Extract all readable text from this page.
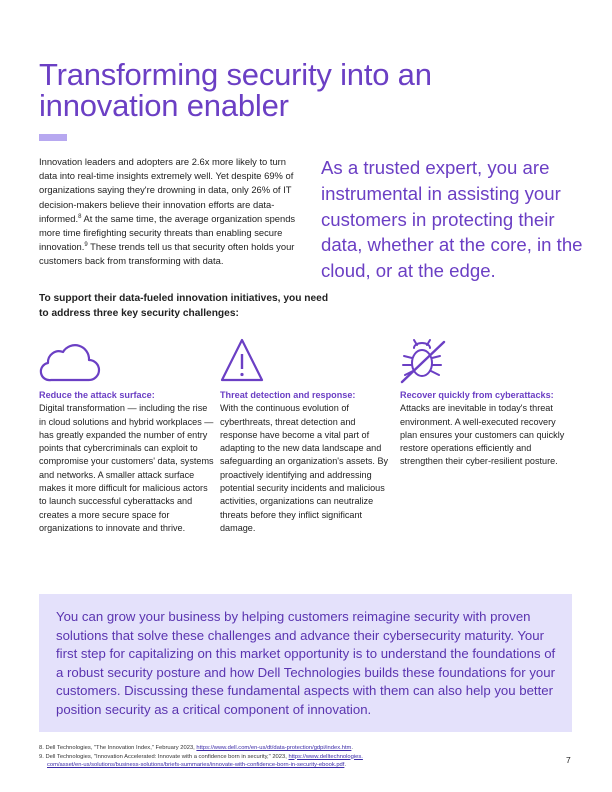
Transforming security into an innovation enabler

Innovation leaders and adopters are 2.6x more likely to turn data into real-time insights extremely well. Yet despite 69% of organizations saying they're drowning in data, only 26% of IT decision-makers believe their innovation efforts are data-informed.$^8$ At the same time, the average organization spends more time firefighting security threats than enabling secure innovation.$^9$ These trends tell us that security often holds your customers back from transforming with data.

As a trusted expert, you are instrumental in assisting your customers in protecting their data, whether at the core, in the cloud, or at the edge.

To support their data-fueled innovation initiatives, you need to address three key security challenges:

Reduce the attack surface:

Digital transformation — including the rise in cloud solutions and hybrid workplaces — has greatly expanded the number of entry points that cybercriminals can exploit to compromise your customers' data, systems and networks. A smaller attack surface makes it more difficult for malicious actors to launch successful cyberattacks and creates a more secure space for organizations to innovate and thrive.

Threat detection and response:

With the continuous evolution of cyberthreats, threat detection and response have become a vital part of adapting to the new data landscape and safeguarding an organization's assets. By proactively identifying and addressing potential security incidents and malicious activities, organizations can neutralize threats before they inflict significant damage.

Recover quickly from cyberattacks:

Attacks are inevitable in today's threat environment. A well-executed recovery plan ensures your customers can quickly restore operations efficiently and strengthen their cyber-resilient posture.

You can grow your business by helping customers reimagine security with proven solutions that solve these challenges and advance their cybersecurity maturity. Your first step for capitalizing on this market opportunity is to understand the foundations of a robust security posture and how Dell Technologies builds these foundations for your customers. Discussing these fundamental aspects with them can also help you better position security as a critical component of innovation.

8. Dell Technologies, "The Innovation Index," February 2023, https://www.dell.com/en-us/dt/data-protection/gdpi/index.htm.
9. Dell Technologies, "Innovation Accelerated: Innovate with a confidence born in security," 2023, https://www.delltechnologies.
com/asset/en-us/solutions/business-solutions/briefs-summaries/innovate-with-confidence-born-in-security-ebook.pdf.
7
